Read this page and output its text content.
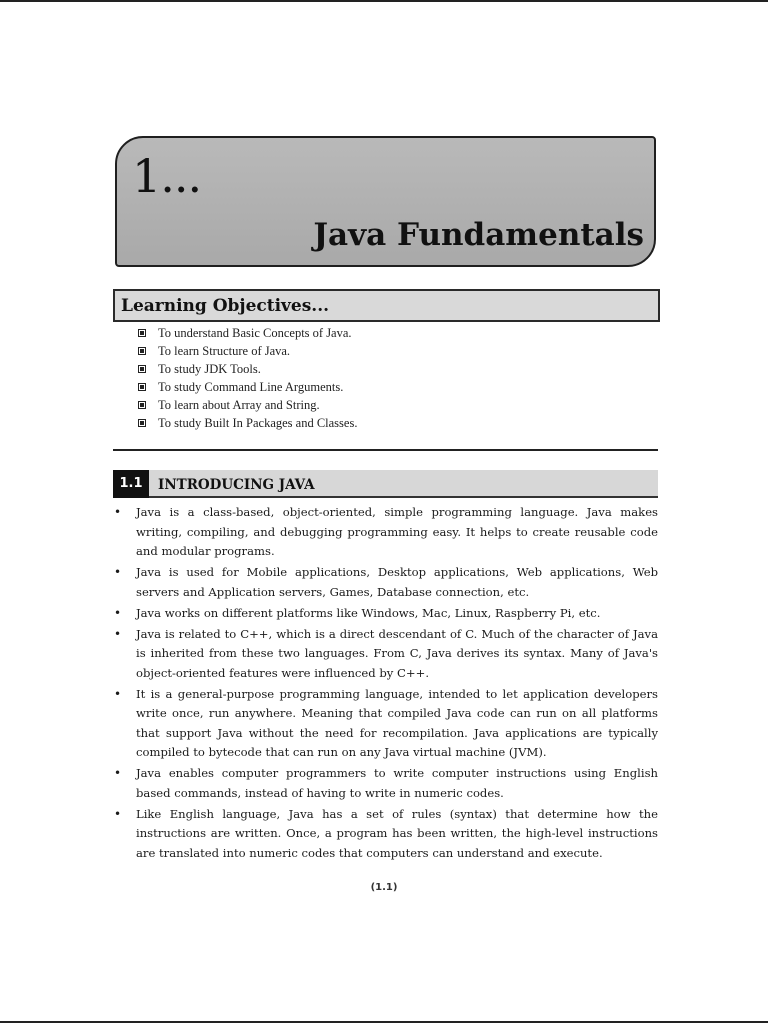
1...
Java Fundamentals
Learning Objectives...
To understand Basic Concepts of Java.
To learn Structure of Java.
To study JDK Tools.
To study Command Line Arguments.
To learn about Array and String.
To study Built In Packages and Classes.
1.1	INTRODUCING JAVA
• Java is a class-based, object-oriented, simple programming language. Java makes writing, compiling, and debugging programming easy. It helps to create reusable code and modular programs.
• Java is used for Mobile applications, Desktop applications, Web applications, Web servers and Application servers, Games, Database connection, etc.
• Java works on different platforms like Windows, Mac, Linux, Raspberry Pi, etc.
• Java is related to C++, which is a direct descendant of C. Much of the character of Java is inherited from these two languages. From C, Java derives its syntax. Many of Java's object-oriented features were influenced by C++.
• It is a general-purpose programming language, intended to let application developers write once, run anywhere. Meaning that compiled Java code can run on all platforms that support Java without the need for recompilation. Java applications are typically compiled to bytecode that can run on any Java virtual machine (JVM).
• Java enables computer programmers to write computer instructions using English based commands, instead of having to write in numeric codes.
• Like English language, Java has a set of rules (syntax) that determine how the instructions are written. Once, a program has been written, the high-level instructions are translated into numeric codes that computers can understand and execute.
(1.1)
